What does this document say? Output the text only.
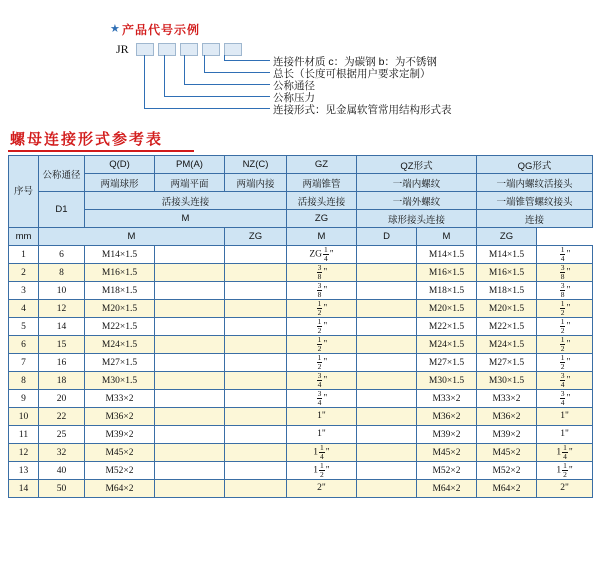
★ 产品代号示例
JR
连接件材质 c：为碳钢 b：为不锈钢
总长（长度可根据用户要求定制）
公称通径
公称压力
连接形式：见金属软管常用结构形式表
螺母连接形式参考表
序号	公称通径	Q(D)	PM(A)	NZ(C)	GZ	QZ形式		QG形式	
		两端球形	两端平面	两端内接	两端锥管	一端内螺纹		一端内螺纹活接头	
	D1	活接头连接			活接头连接	一端外螺纹		一端锥管螺纹接头	
		M			ZG	球形接头连接		连接	
mm	M			ZG	M	D	M	ZG	
1	6	M14×1.5			ZG $\frac{1}{4}$ "		M14×1.5	M14×1.5	$\frac{1}{4}$ "
2	8	M16×1.5			$\frac{3}{8}$ "		M16×1.5	M16×1.5	$\frac{3}{8}$ "
3	10	M18×1.5			$\frac{3}{8}$ "		M18×1.5	M18×1.5	$\frac{3}{8}$ "
4	12	M20×1.5			$\frac{1}{2}$ "		M20×1.5	M20×1.5	$\frac{1}{2}$ "
5	14	M22×1.5			$\frac{1}{2}$ "		M22×1.5	M22×1.5	$\frac{1}{2}$ "
6	15	M24×1.5			$\frac{1}{2}$ "		M24×1.5	M24×1.5	$\frac{1}{2}$ "
7	16	M27×1.5			$\frac{1}{2}$ "		M27×1.5	M27×1.5	$\frac{1}{2}$ "
8	18	M30×1.5			$\frac{3}{4}$ "		M30×1.5	M30×1.5	$\frac{3}{4}$ "
9	20	M33×2			$\frac{3}{4}$ "		M33×2	M33×2	$\frac{3}{4}$ "
10	22	M36×2			1"		M36×2	M36×2	1"
11	25	M39×2			1"		M39×2	M39×2	1"
12	32	M45×2			$1 \frac{1}{4}$ "		M45×2	M45×2	$1 \frac{1}{4}$ "
13	40	M52×2			$1 \frac{1}{2}$ "		M52×2	M52×2	$1 \frac{1}{2}$ "
14	50	M64×2			2"		M64×2	M64×2	2"
